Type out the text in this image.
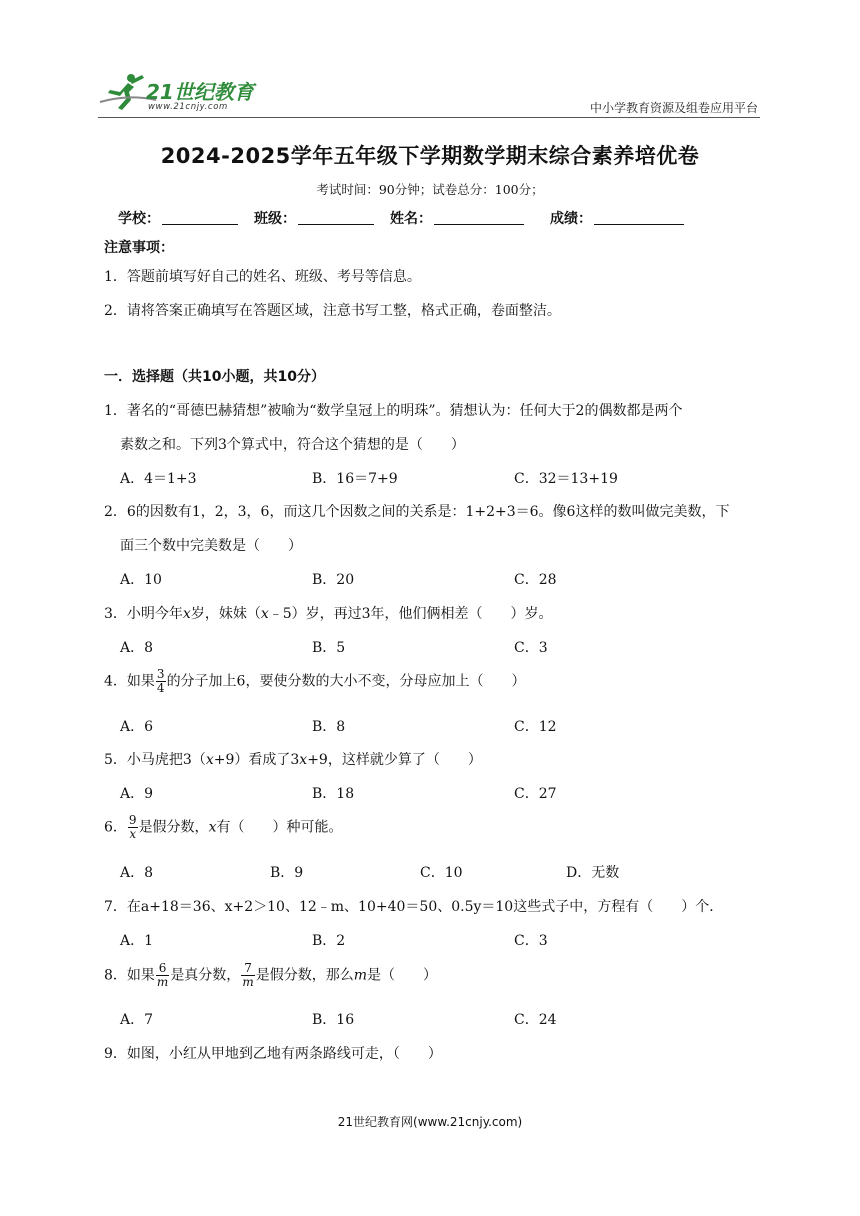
21世纪教育
www.21cnjy.com	中小学教育资源及组卷应用平台
2024-2025学年五年级下学期数学期末综合素养培优卷
考试时间：90分钟；试卷总分：100分；
学校：	班级：	姓名：	成绩：
注意事项：
1．答题前填写好自己的姓名、班级、考号等信息。
2．请将答案正确填写在答题区域，注意书写工整，格式正确，卷面整洁。
一．选择题（共10小题，共10分）
1．著名的“哥德巴赫猜想”被喻为“数学皇冠上的明珠”。猜想认为：任何大于2的偶数都是两个
素数之和。下列3个算式中，符合这个猜想的是（　　）
A．4＝1+3	B．16＝7+9	C．32＝13+19
2．6的因数有1，2，3，6，而这几个因数之间的关系是：1+2+3＝6。像6这样的数叫做完美数，下
面三个数中完美数是（　　）
A．10	B．20	C．28
3．小明今年x岁，妹妹（x﹣5）岁，再过3年，他们俩相差（　　）岁。
A．8	B．5	C．3
4．如果 $\frac{3}{4}$ 的分子加上6，要使分数的大小不变，分母应加上（　　）
A．6	B．8	C．12
5．小马虎把3（x+9）看成了3x+9，这样就少算了（　　）
A．9	B．18	C．27
6． $\frac{9}{x}$ 是假分数，x有（　　）种可能。
A．8	B．9	C．10	D．无数
7．在a+18＝36、x+2＞10、12﹣m、10+40＝50、0.5y＝10这些式子中，方程有（　　）个．
A．1	B．2	C．3
8．如果 $\frac{6}{m}$ 是真分数， $\frac{7}{m}$ 是假分数，那么m是（　　）
A．7	B．16	C．24
9．如图，小红从甲地到乙地有两条路线可走，（　　）
21世纪教育网(www.21cnjy.com)
